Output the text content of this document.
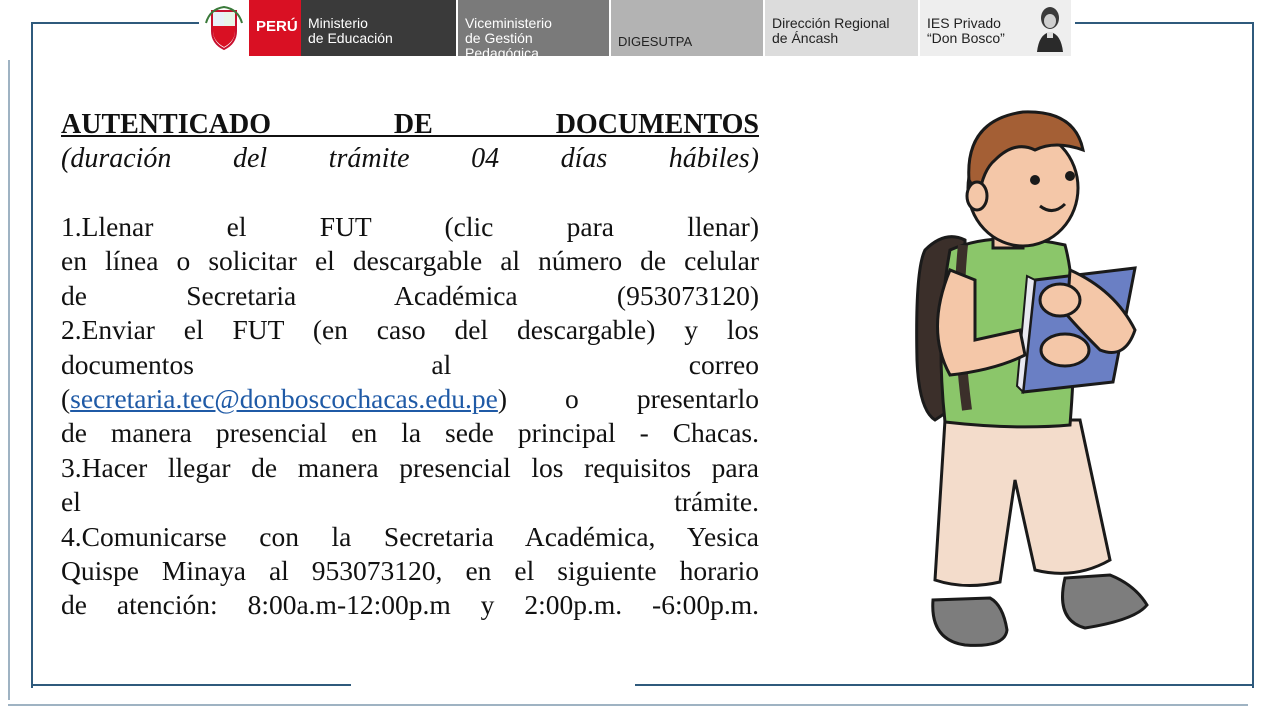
PERÚ Ministerio
de Educación
Viceministerio
de Gestión Pedagógica
DIGESUTPA
Dirección Regional
de Áncash
IES Privado
“Don Bosco”
AUTENTICADO DE DOCUMENTOS
(duración del trámite 04 días hábiles)
1.Llenar el FUT (clic para llenar)
en línea o solicitar el descargable al número de celular
de Secretaria Académica (953073120)
2.Enviar el FUT (en caso del descargable) y los
documentos al correo
(secretaria.tec@donboscochacas.edu.pe) o presentarlo
de manera presencial en la sede principal - Chacas.
3.Hacer llegar de manera presencial los requisitos para
el trámite.
4.Comunicarse con la Secretaria Académica, Yesica
Quispe Minaya al 953073120, en el siguiente horario
de atención: 8:00a.m-12:00p.m y 2:00p.m. -6:00p.m.
